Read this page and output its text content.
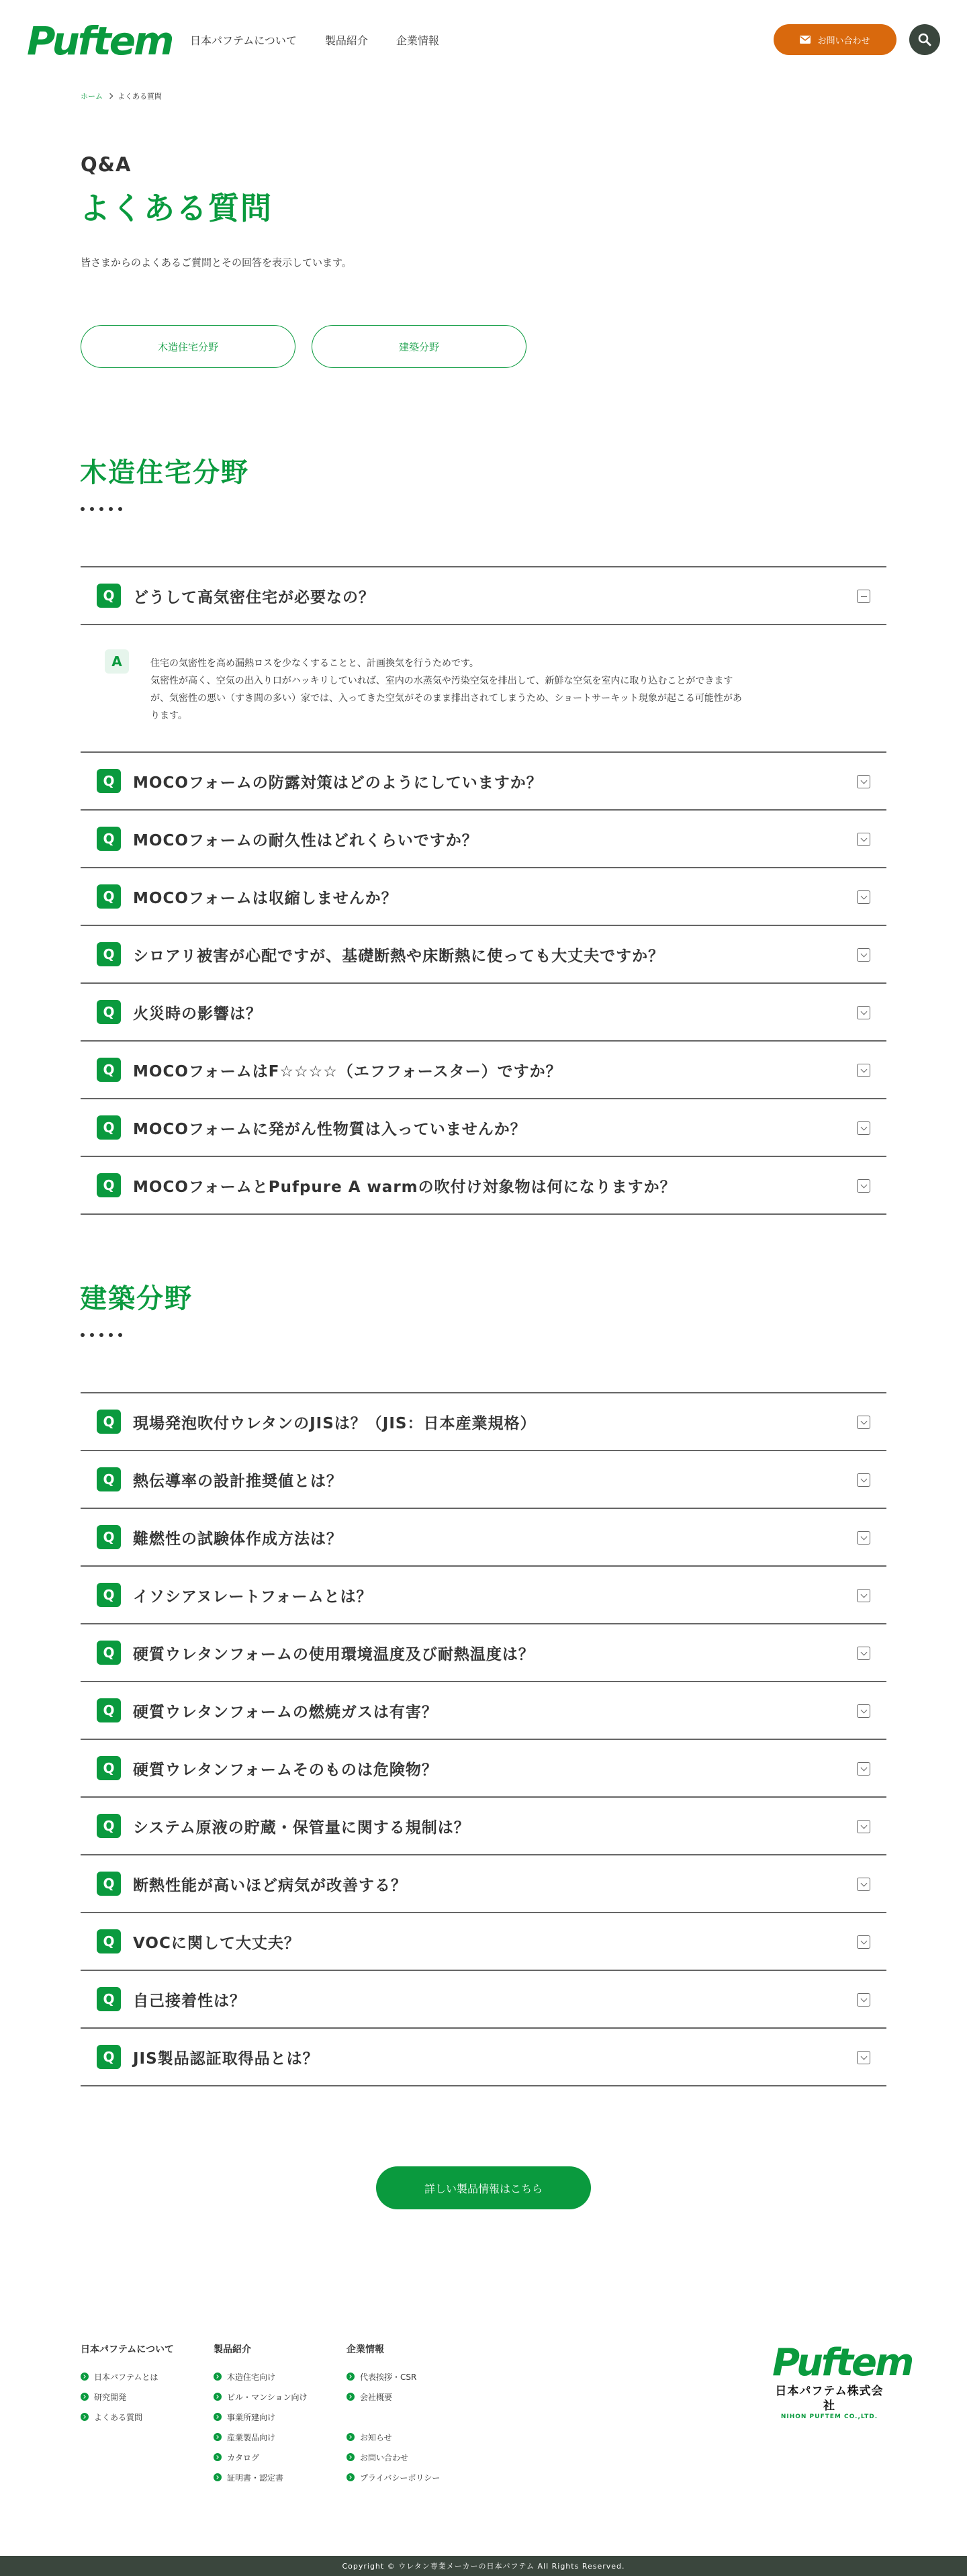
Puftem 日本パフテムについて	製品紹介	企業情報	お問い合わせ
ホーム よくある質問
Q&A
よくある質問

皆さまからのよくあるご質問とその回答を表示しています。

木造住宅分野	建築分野
木造住宅分野
Q	どうして高気密住宅が必要なの？
A	住宅の気密性を高め漏熱ロスを少なくすることと、計画換気を行うためです。
気密性が高く、空気の出入り口がハッキリしていれば、室内の水蒸気や汚染空気を排出して、新鮮な空気を室内に取り込むことができます
が、気密性の悪い（すき間の多い）家では、入ってきた空気がそのまま排出されてしまうため、ショートサーキット現象が起こる可能性があ
ります。
Q	MOCOフォームの防露対策はどのようにしていますか？
Q	MOCOフォームの耐久性はどれくらいですか？
Q	MOCOフォームは収縮しませんか？
Q	シロアリ被害が心配ですが、基礎断熱や床断熱に使っても大丈夫ですか？
Q	火災時の影響は？
Q	MOCOフォームはF☆☆☆☆（エフフォースター）ですか？
Q	MOCOフォームに発がん性物質は入っていませんか？
Q	MOCOフォームとPufpure A warmの吹付け対象物は何になりますか？
建築分野
Q	現場発泡吹付ウレタンのJISは？（JIS：日本産業規格）
Q	熱伝導率の設計推奨値とは？
Q	難燃性の試験体作成方法は？
Q	イソシアヌレートフォームとは？
Q	硬質ウレタンフォームの使用環境温度及び耐熱温度は？
Q	硬質ウレタンフォームの燃焼ガスは有害？
Q	硬質ウレタンフォームそのものは危険物？
Q	システム原液の貯蔵・保管量に関する規制は？
Q	断熱性能が高いほど病気が改善する？
Q	VOCに関して大丈夫？
Q	自己接着性は？
Q	JIS製品認証取得品とは？
詳しい製品情報はこちら
日本パフテムについて
日本パフテムとは
研究開発
よくある質問
製品紹介
木造住宅向け
ビル・マンション向け
事業所建向け
産業製品向け
カタログ
証明書・認定書
企業情報
代表挨拶・CSR
会社概要
お知らせ
お問い合わせ
プライバシーポリシー
Puftem
日本パフテム株式会社
NIHON PUFTEM CO.,LTD.
Copyright © ウレタン専業メーカーの日本パフテム All Rights Reserved.
